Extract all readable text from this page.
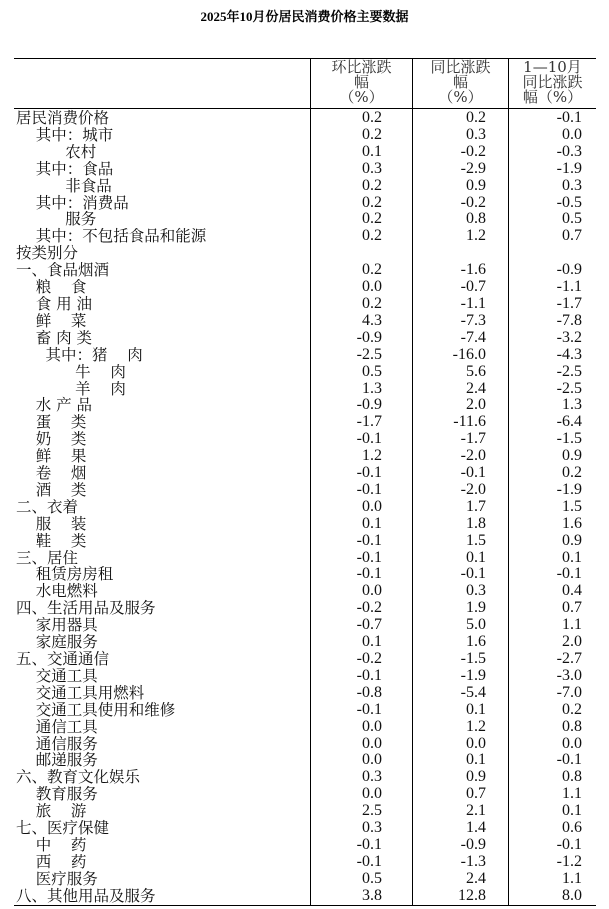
2025年10月份居民消费价格主要数据
环比涨跌
幅
（%）
同比涨跌
幅
（%）
1—10月
同比涨跌
幅（%）
居民消费价格	0.2	0.2	-0.1
其中：城市	0.2	0.3	0.0
农村	0.1	-0.2	-0.3
其中：食品	0.3	-2.9	-1.9
非食品	0.2	0.9	0.3
其中：消费品	0.2	-0.2	-0.5
服务	0.2	0.8	0.5
其中：不包括食品和能源	0.2	1.2	0.7
按类别分
一、食品烟酒	0.2	-1.6	-0.9
粮    食	0.0	-0.7	-1.1
食 用 油	0.2	-1.1	-1.7
鲜    菜	4.3	-7.3	-7.8
畜 肉 类	-0.9	-7.4	-3.2
其中：猪    肉	-2.5	-16.0	-4.3
牛    肉	0.5	5.6	-2.5
羊    肉	1.3	2.4	-2.5
水 产 品	-0.9	2.0	1.3
蛋    类	-1.7	-11.6	-6.4
奶    类	-0.1	-1.7	-1.5
鲜    果	1.2	-2.0	0.9
卷    烟	-0.1	-0.1	0.2
酒    类	-0.1	-2.0	-1.9
二、衣着	0.0	1.7	1.5
服    装	0.1	1.8	1.6
鞋    类	-0.1	1.5	0.9
三、居住	-0.1	0.1	0.1
租赁房房租	-0.1	-0.1	-0.1
水电燃料	0.0	0.3	0.4
四、生活用品及服务	-0.2	1.9	0.7
家用器具	-0.7	5.0	1.1
家庭服务	0.1	1.6	2.0
五、交通通信	-0.2	-1.5	-2.7
交通工具	-0.1	-1.9	-3.0
交通工具用燃料	-0.8	-5.4	-7.0
交通工具使用和维修	-0.1	0.1	0.2
通信工具	0.0	1.2	0.8
通信服务	0.0	0.0	0.0
邮递服务	0.0	0.1	-0.1
六、教育文化娱乐	0.3	0.9	0.8
教育服务	0.0	0.7	1.1
旅    游	2.5	2.1	0.1
七、医疗保健	0.3	1.4	0.6
中    药	-0.1	-0.9	-0.1
西    药	-0.1	-1.3	-1.2
医疗服务	0.5	2.4	1.1
八、其他用品及服务	3.8	12.8	8.0
